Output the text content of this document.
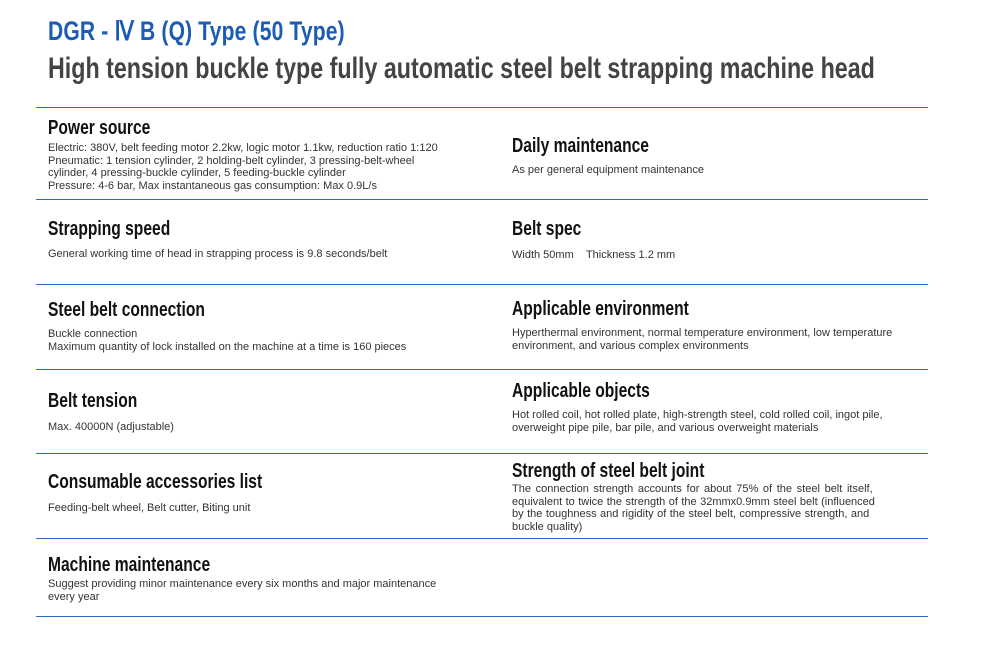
DGR - Ⅳ B (Q) Type (50 Type)
High tension buckle type fully automatic steel belt strapping machine head
Power source
Electric: 380V, belt feeding motor 2.2kw, logic motor 1.1kw, reduction ratio 1:120
Pneumatic: 1 tension cylinder, 2 holding-belt cylinder, 3 pressing-belt-wheel
cylinder, 4 pressing-buckle cylinder, 5 feeding-buckle cylinder
Pressure: 4-6 bar, Max instantaneous gas consumption: Max 0.9L/s
Daily maintenance
As per general equipment maintenance
Strapping speed
General working time of head in strapping process is 9.8 seconds/belt
Belt spec
Width 50mm    Thickness 1.2 mm
Steel belt connection
Buckle connection
Maximum quantity of lock installed on the machine at a time is 160 pieces
Applicable environment
Hyperthermal environment, normal temperature environment, low temperature
environment, and various complex environments
Belt tension
Max. 40000N (adjustable)
Applicable objects
Hot rolled coil, hot rolled plate, high-strength steel, cold rolled coil, ingot pile,
overweight pipe pile, bar pile, and various overweight materials
Consumable accessories list
Feeding-belt wheel, Belt cutter, Biting unit
Strength of steel belt joint
The connection strength accounts for about 75% of the steel belt itself,
equivalent to twice the strength of the 32mmx0.9mm steel belt (influenced
by the toughness and rigidity of the steel belt, compressive strength, and
buckle quality)
Machine maintenance
Suggest providing minor maintenance every six months and major maintenance
every year
